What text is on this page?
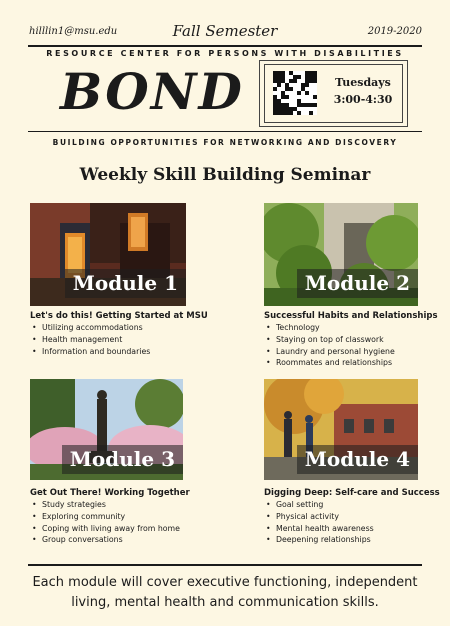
hilllin1@msu.edu	Fall Semester	2019-2020
RESOURCE CENTER FOR PERSONS WITH DISABILITIES
BOND	Tuesdays
3:00-4:30
BUILDING OPPORTUNITIES FOR NETWORKING AND DISCOVERY
Weekly Skill Building Seminar
Module 1
Let's do this! Getting Started at MSU
• Utilizing accommodations
• Health management
• Information and boundaries
Module 2
Successful Habits and Relationships
• Technology
• Staying on top of classwork
• Laundry and personal hygiene
• Roommates and relationships
Module 3
Get Out There! Working Together
• Study strategies
• Exploring community
• Coping with living away from home
• Group conversations
Module 4
Digging Deep: Self-care and Success
• Goal setting
• Physical activity
• Mental health awareness
• Deepening relationships
Each module will cover executive functioning, independent living, mental health and communication skills.
